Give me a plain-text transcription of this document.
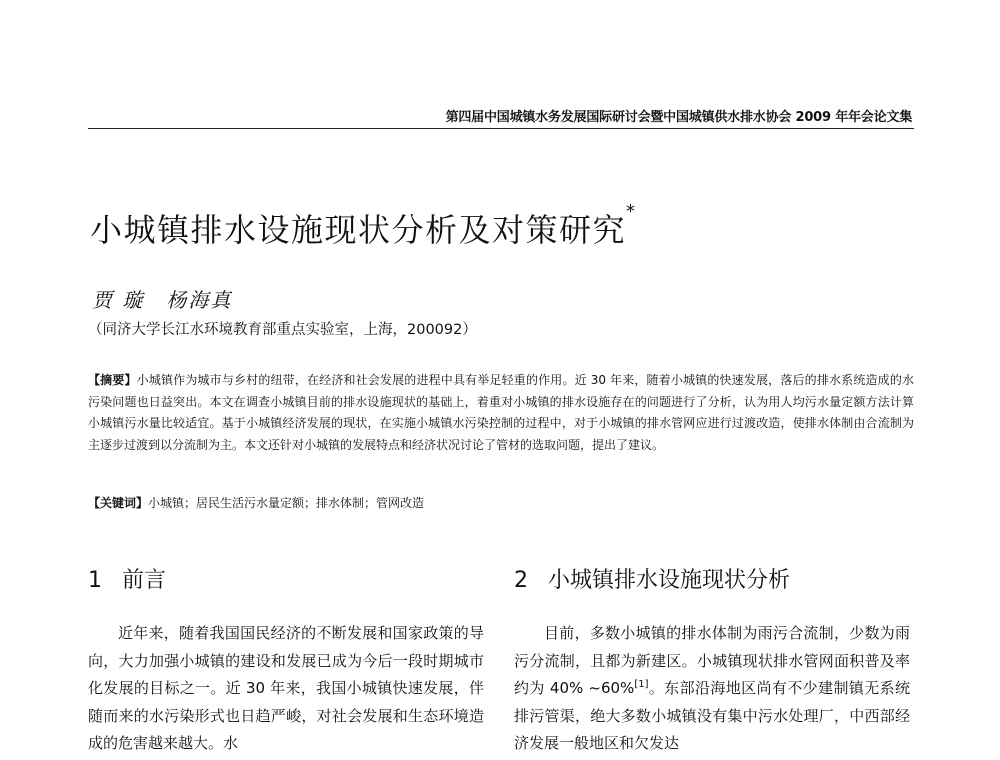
第四届中国城镇水务发展国际研讨会暨中国城镇供水排水协会 2009 年年会论文集
小城镇排水设施现状分析及对策研究*
贾 璇 杨海真
（同济大学长江水环境教育部重点实验室，上海，200092）
【摘要】小城镇作为城市与乡村的纽带，在经济和社会发展的进程中具有举足轻重的作用。近 30 年来，随着小城镇的快速发展，落后的排水系统造成的水污染问题也日益突出。本文在调查小城镇目前的排水设施现状的基础上，着重对小城镇的排水设施存在的问题进行了分析，认为用人均污水量定额方法计算小城镇污水量比较适宜。基于小城镇经济发展的现状，在实施小城镇水污染控制的过程中，对于小城镇的排水管网应进行过渡改造，使排水体制由合流制为主逐步过渡到以分流制为主。本文还针对小城镇的发展特点和经济状况讨论了管材的选取问题，提出了建议。
【关键词】小城镇；居民生活污水量定额；排水体制；管网改造
1 前言	2 小城镇排水设施现状分析
近年来，随着我国国民经济的不断发展和国家政策的导向，大力加强小城镇的建设和发展已成为今后一段时期城市化发展的目标之一。近 30 年来，我国小城镇快速发展，伴随而来的水污染形式也日趋严峻，对社会发展和生态环境造成的危害越来越大。水
目前，多数小城镇的排水体制为雨污合流制，少数为雨污分流制，且都为新建区。小城镇现状排水管网面积普及率约为 40% ~60%[1]。东部沿海地区尚有不少建制镇无系统排污管渠，绝大多数小城镇没有集中污水处理厂，中西部经济发展一般地区和欠发达
